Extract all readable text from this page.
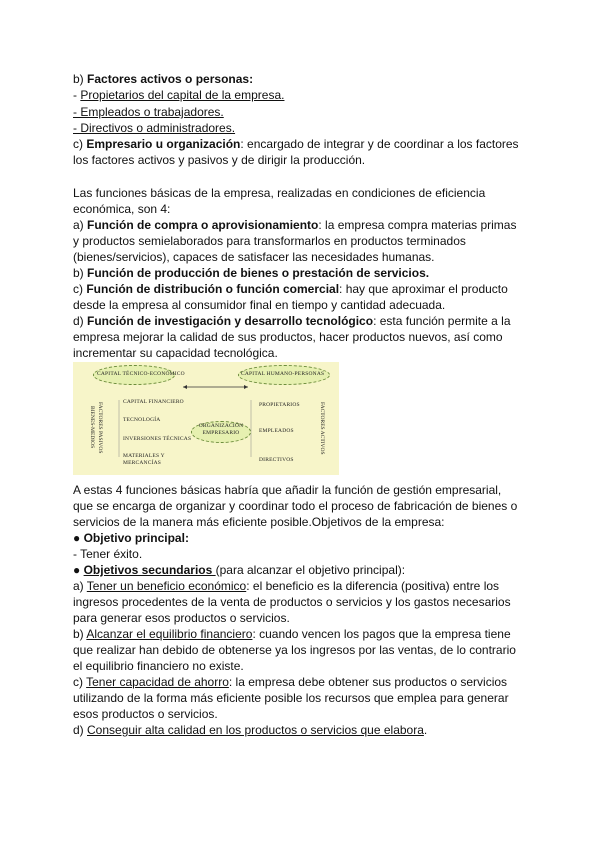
b) Factores activos o personas:
- Propietarios del capital de la empresa.
- Empleados o trabajadores.
- Directivos o administradores.
c) Empresario u organización: encargado de integrar y de coordinar a los factores
los factores activos y pasivos y de dirigir la producción.
Las funciones básicas de la empresa, realizadas en condiciones de eficiencia
económica, son 4:
a) Función de compra o aprovisionamiento: la empresa compra materias primas
y productos semielaborados para transformarlos en productos terminados
(bienes/servicios), capaces de satisfacer las necesidades humanas.
b) Función de producción de bienes o prestación de servicios.
c) Función de distribución o función comercial: hay que aproximar el producto
desde la empresa al consumidor final en tiempo y cantidad adecuada.
d) Función de investigación y desarrollo tecnológico: esta función permite a la
empresa mejorar la calidad de sus productos, hacer productos nuevos, así como
incrementar su capacidad tecnológica.
CAPITAL TÉCNICO-ECONÓMICO	CAPITAL HUMANO-PERSONAS
CAPITAL FINANCIERO
TECNOLOGÍA
INVERSIONES TÉCNICAS
MATERIALES Y MERCANCÍAS
ORGANIZACIÓN EMPRESARIO
PROPIETARIOS
EMPLEADOS
DIRECTIVOS
FACTORES PASIVOS
BIENES-MEDIOS	FACTORES ACTIVOS
A estas 4 funciones básicas habría que añadir la función de gestión empresarial,
que se encarga de organizar y coordinar todo el proceso de fabricación de bienes o
servicios de la manera más eficiente posible.Objetivos de la empresa:
● Objetivo principal:
- Tener éxito.
● Objetivos secundarios (para alcanzar el objetivo principal):
a) Tener un beneficio económico: el beneficio es la diferencia (positiva) entre los
ingresos procedentes de la venta de productos o servicios y los gastos necesarios
para generar esos productos o servicios.
b) Alcanzar el equilibrio financiero: cuando vencen los pagos que la empresa tiene
que realizar han debido de obtenerse ya los ingresos por las ventas, de lo contrario
el equilibrio financiero no existe.
c) Tener capacidad de ahorro: la empresa debe obtener sus productos o servicios
utilizando de la forma más eficiente posible los recursos que emplea para generar
esos productos o servicios.
d) Conseguir alta calidad en los productos o servicios que elabora.
